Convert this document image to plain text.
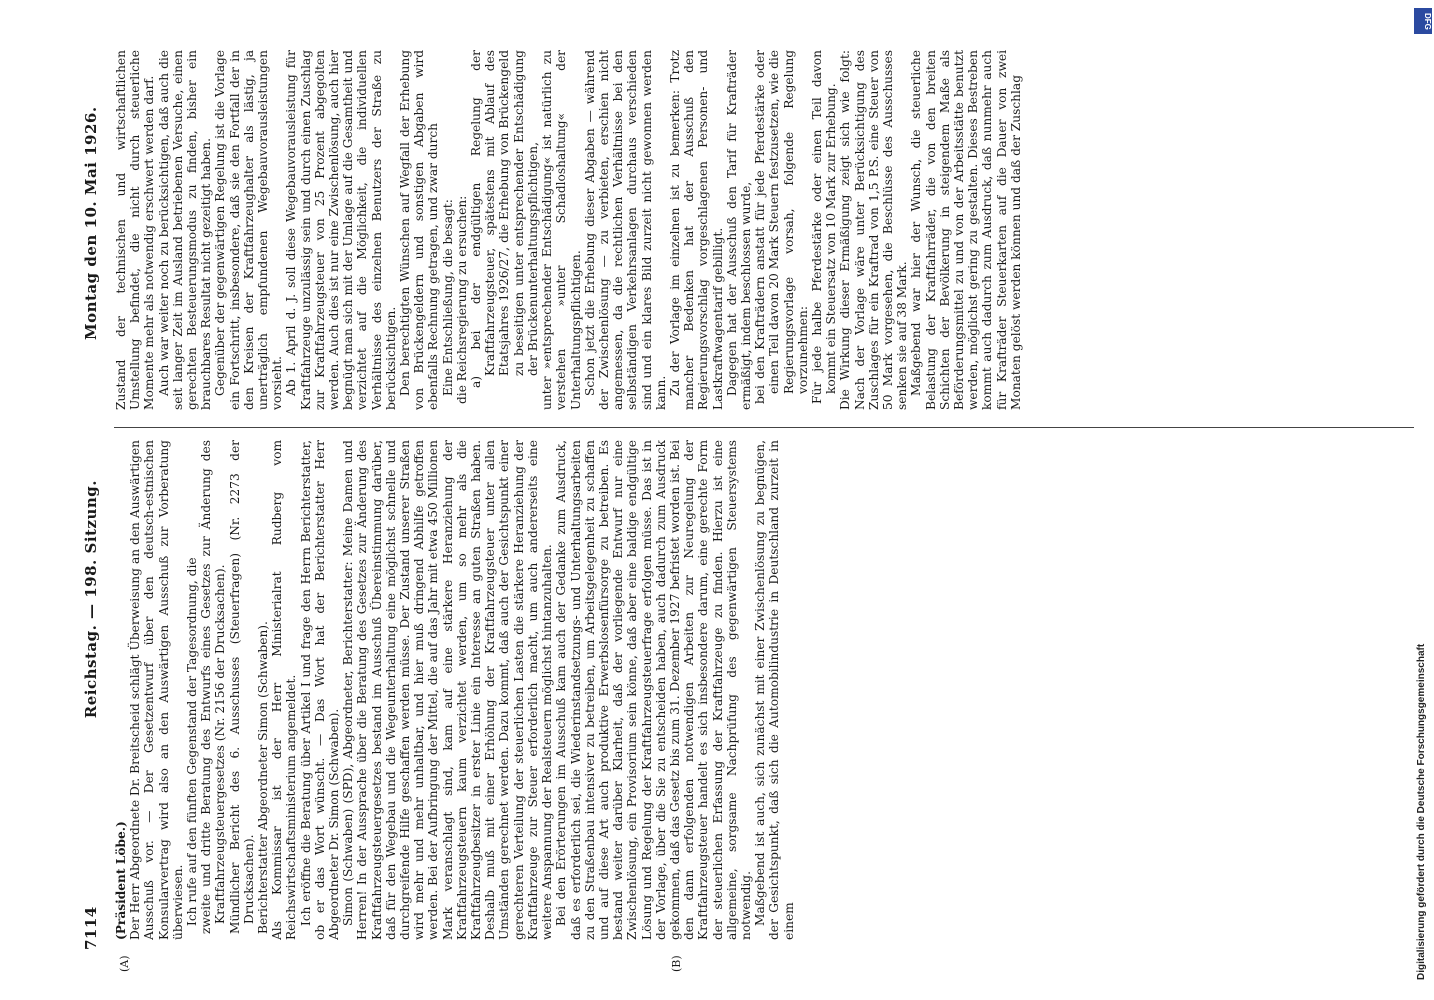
7114
Reichstag. — 198. Sitzung.
Montag den 10. Mai 1926.

(Präsident Löbe.) Der Herr Abgeordnete Dr. Breitscheid schlägt Überweisung an den Auswärtigen Ausschuß vor. — Der Gesetzentwurf über den deutsch-estnischen Konsularvertrag wird also an den Auswärtigen Ausschuß zur Vorberatung überwiesen. Ich rufe auf den fünften Gegenstand der Tagesordnung, die zweite und dritte Beratung des Entwurfs eines Gesetzes zur Änderung des Kraftfahrzeugsteuergesetzes (Nr. 2156 der Drucksachen). Mündlicher Bericht des 6. Ausschusses (Steuerfragen) (Nr. 2273 der Drucksachen). Berichterstatter Abgeordneter Simon (Schwaben). Als Kommissar ist der Herr Ministerialrat Rudberg vom Reichswirtschaftsministerium angemeldet. Ich eröffne die Beratung über Artikel I und frage den Herrn Berichterstatter, ob er das Wort wünscht. — Das Wort hat der Berichterstatter Herr Abgeordneter Dr. Simon (Schwaben). Simon (Schwaben) (SPD), Abgeordneter, Berichterstatter: Meine Damen und Herren! In der Aussprache über die Beratung des Gesetzes zur Änderung des Kraftfahrzeugsteuergesetzes bestand im Ausschuß Übereinstimmung darüber, daß für den Wegebau und die Wegeunterhaltung eine möglichst schnelle und durchgreifende Hilfe geschaffen werden müsse. Der Zustand unserer Straßen wird mehr und mehr unhaltbar, und hier muß dringend Abhilfe getroffen werden. Bei der Aufbringung der Mittel, die auf das Jahr mit etwa 450 Millionen Mark veranschlagt sind, kam auf eine stärkere Heranziehung der Kraftfahrzeugsteuern kaum verzichtet werden, um so mehr als die Kraftfahrzeugbesitzer in erster Linie ein Interesse an guten Straßen haben. Deshalb muß mit einer Erhöhung der Kraftfahrzeugsteuer unter allen Umständen gerechnet werden. Dazu kommt, daß auch der Gesichtspunkt einer gerechteren Verteilung der steuerlichen Lasten die stärkere Heranziehung der Kraftfahrzeuge zur Steuer erforderlich macht, um auch andererseits eine weitere Anspannung der Realsteuern möglichst hintanzuhalten. Bei den Erörterungen im Ausschuß kam auch der Gedanke zum Ausdruck, daß es erforderlich sei, die Wiederinstandsetzungs- und Unterhaltungsarbeiten zu den Straßenbau intensiver zu betreiben, um Arbeitsgelegenheit zu schaffen und auf diese Art auch produktive Erwerbslosenfürsorge zu betreiben. Es bestand weiter darüber Klarheit, daß der vorliegende Entwurf nur eine Zwischenlösung, ein Provisorium sein könne, daß aber eine baldige endgültige Lösung und Regelung der Kraftfahrzeugsteuerfrage erfolgen müsse. Das ist in der Vorlage, über die Sie zu entscheiden haben, auch dadurch zum Ausdruck gekommen, daß das Gesetz bis zum 31. Dezember 1927 befristet worden ist. Bei den dann erfolgenden notwendigen Arbeiten zur Neuregelung der Kraftfahrzeugsteuer handelt es sich insbesondere darum, eine gerechte Form der steuerlichen Erfassung der Kraftfahrzeuge zu finden. Hierzu ist eine allgemeine, sorgsame Nachprüfung des gegenwärtigen Steuersystems notwendig. Maßgebend ist auch, sich zunächst mit einer Zwischenlösung zu begnügen, der Gesichtspunkt, daß sich die Automobilindustrie in Deutschland zurzeit in einem

Zustand der technischen und wirtschaftlichen Umstellung befindet, die nicht durch steuerliche Momente mehr als notwendig erschwert werden darf. Auch war weiter noch zu berücksichtigen, daß auch die seit langer Zeit im Ausland betriebenen Versuche, einen gerechten Besteuerungsmodus zu finden, bisher ein brauchbares Resultat nicht gezeitigt haben. Gegenüber der gegenwärtigen Regelung ist die Vorlage ein Fortschritt, insbesondere, daß sie den Fortfall der in den Kreisen der Kraftfahrzeughalter als lästig, ja unerträglich empfundenen Wegebauvorausleistungen vorsieht. Ab 1. April d. J. soll diese Wegebauvorausleistung für Kraftfahrzeuge unzulässig sein und durch einen Zuschlag zur Kraftfahrzeugsteuer von 25 Prozent abgegolten werden. Auch dies ist nur eine Zwischenlösung, auch hier begnügt man sich mit der Umlage auf die Gesamtheit und verzichtet auf die Möglichkeit, die individuellen Verhältnisse des einzelnen Benutzers der Straße zu berücksichtigen. Den berechtigten Wünschen auf Wegfall der Erhebung von Brückengeldern und sonstigen Abgaben wird ebenfalls Rechnung getragen, und zwar durch Eine Entschließung, die besagt: die Reichsregierung zu ersuchen: a) bei der endgültigen Regelung der Kraftfahrzeugsteuer, spätestens mit Ablauf des Etatsjahres 1926/27, die Erhebung von Brückengeld zu beseitigen unter entsprechender Entschädigung der Brückenunterhaltungspflichtigen, unter »entsprechender Entschädigung« ist natürlich zu verstehen »unter Schadloshaltung« der Unterhaltungspflichtigen. Schon jetzt die Erhebung dieser Abgaben — während der Zwischenlösung — zu verbieten, erschien nicht angemessen, da die rechtlichen Verhältnisse bei den selbständigen Verkehrsanlagen durchaus verschieden sind und ein klares Bild zurzeit nicht gewonnen werden kann. Zu der Vorlage im einzelnen ist zu bemerken: Trotz mancher Bedenken hat der Ausschuß den Regierungsvorschlag vorgeschlagenen Personen- und Lastkraftwagentarif gebilligt. Dagegen hat der Ausschuß den Tarif für Krafträder ermäßigt, indem beschlossen wurde, bei den Krafträdern anstatt für jede Pferdestärke oder einen Teil davon 20 Mark Steuern festzusetzen, wie die Regierungsvorlage vorsah, folgende Regelung vorzunehmen: Für jede halbe Pferdestärke oder einen Teil davon kommt ein Steuersatz von 10 Mark zur Erhebung. Die Wirkung dieser Ermäßigung zeigt sich wie folgt: Nach der Vorlage wäre unter Berücksichtigung des Zuschlages für ein Kraftrad von 1,5 P.S. eine Steuer von 50 Mark vorgesehen, die Beschlüsse des Ausschusses senken sie auf 38 Mark. Maßgebend war hier der Wunsch, die steuerliche Belastung der Kraftfahrräder, die von den breiten Schichten der Bevölkerung in steigendem Maße als Beförderungsmittel zu und von der Arbeitsstätte benutzt werden, möglichst gering zu gestalten. Dieses Bestreben kommt auch dadurch zum Ausdruck, daß nunmehr auch für Krafträder Steuerkarten auf die Dauer von zwei Monaten gelöst werden können und daß der Zuschlag

(A)	(B)
DFG
Digitalisierung gefördert durch die Deutsche Forschungsgemeinschaft
